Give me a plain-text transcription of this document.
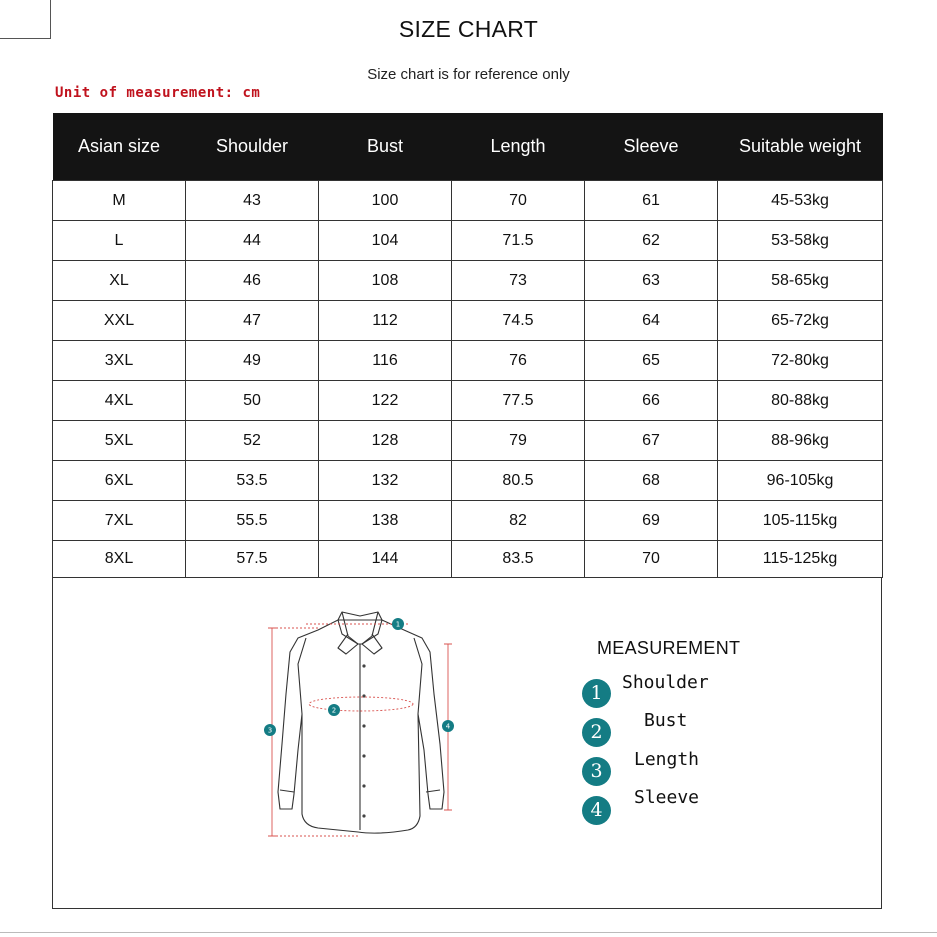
SIZE CHART
Size chart is for reference only
Unit of measurement: cm
Asian size	Shoulder	Bust	Length	Sleeve	Suitable weight
M	43	100	70	61	45-53kg
L	44	104	71.5	62	53-58kg
XL	46	108	73	63	58-65kg
XXL	47	112	74.5	64	65-72kg
3XL	49	116	76	65	72-80kg
4XL	50	122	77.5	66	80-88kg
5XL	52	128	79	67	88-96kg
6XL	53.5	132	80.5	68	96-105kg
7XL	55.5	138	82	69	105-115kg
8XL	57.5	144	83.5	70	115-125kg
1
2
3	4
MEASUREMENT
1	Shoulder
2
Bust
3
Length
4
Sleeve
